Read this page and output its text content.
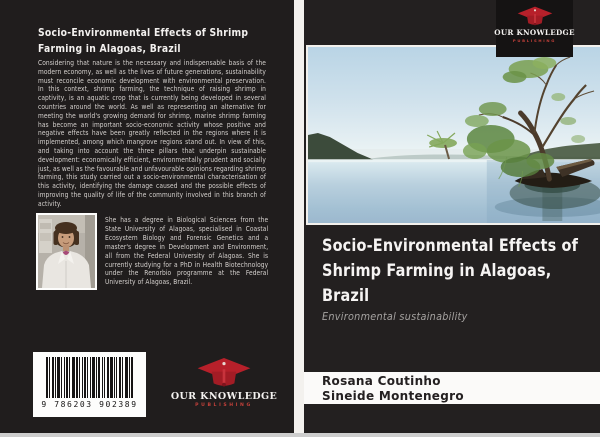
Socio-Environmental Effects of Shrimp
Farming in Alagoas, Brazil
Considering that nature is the necessary and indispensable basis of the modern economy, as well as the lives of future generations, sustainability must reconcile economic development with environmental preservation. In this context, shrimp farming, the technique of raising shrimp in captivity, is an aquatic crop that is currently being developed in several countries around the world. As well as representing an alternative for meeting the world's growing demand for shrimp, marine shrimp farming has become an important socio-economic activity whose positive and negative effects have been greatly reflected in the regions where it is implemented, among which mangrove regions stand out. In view of this, and taking into account the three pillars that underpin sustainable development: economically efficient, environmentally prudent and socially just, as well as the favourable and unfavourable opinions regarding shrimp farming, this study carried out a socio-environmental characterisation of this activity, identifying the damage caused and the possible effects of improving the quality of life of the community involved in this branch of activity.
She has a degree in Biological Sciences from the State University of Alagoas, specialised in Coastal Ecosystem Biology and Forensic Genetics and a master's degree in Development and Environment, all from the Federal University of Alagoas. She is currently studying for a PhD in Health Biotechnology under the Renorbio programme at the Federal University of Alagoas, Brazil.
9 786203 902389
OUR KNOWLEDGE
PUBLISHING
Socio-Environmental Effects of
Shrimp Farming in Alagoas,
Brazil
Environmental sustainability
Rosana Coutinho
Sineide Montenegro
OUR KNOWLEDGE
PUBLISHING
